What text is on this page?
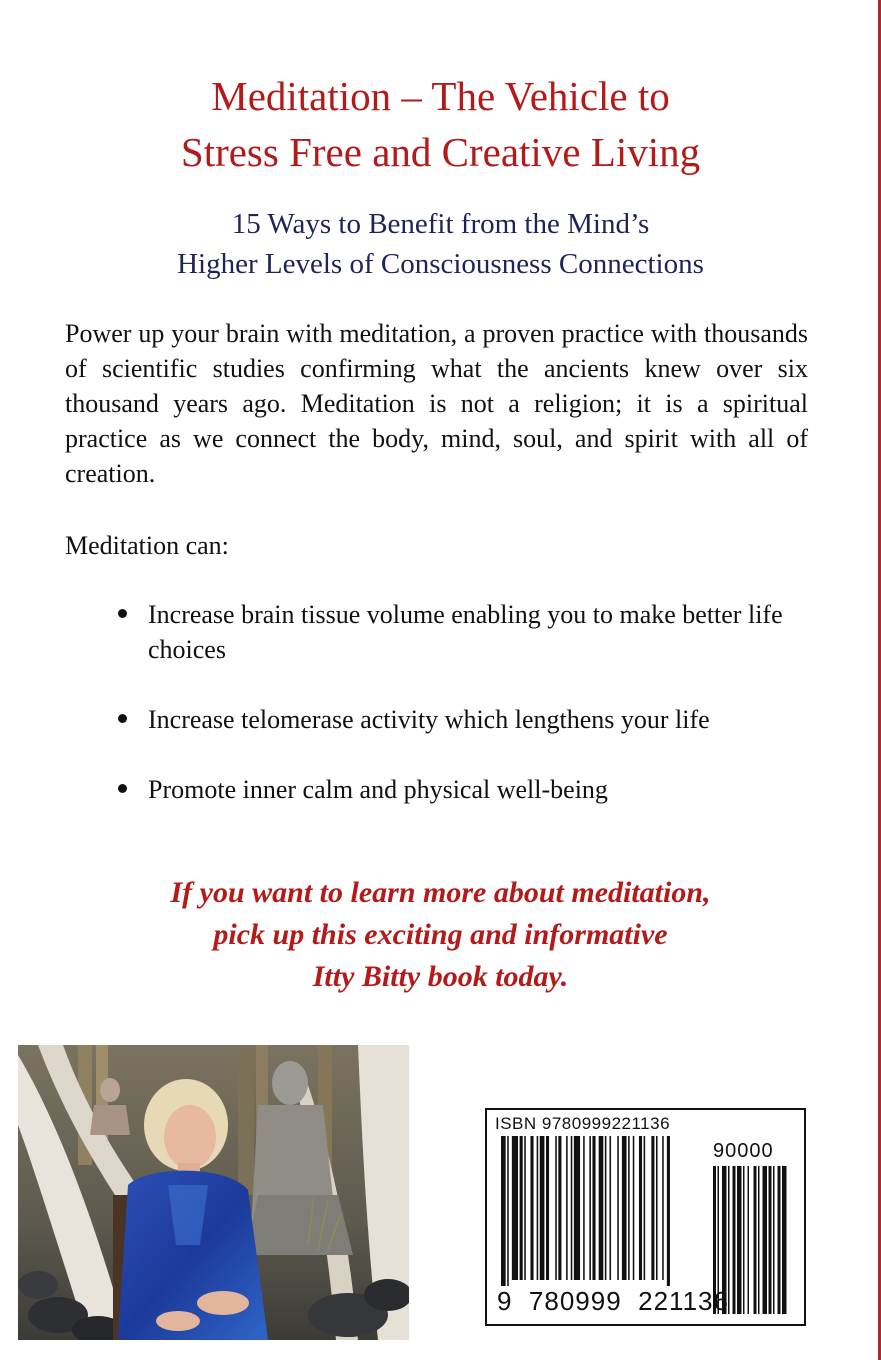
Meditation – The Vehicle to
Stress Free and Creative Living
15 Ways to Benefit from the Mind’s
Higher Levels of Consciousness Connections

Power up your brain with meditation, a proven practice with thousands of scientific studies confirming what the ancients knew over six thousand years ago. Meditation is not a religion; it is a spiritual practice as we connect the body, mind, soul, and spirit with all of creation.

Meditation can:

Increase brain tissue volume enabling you to make better life choices
Increase telomerase activity which lengthens your life
Promote inner calm and physical well-being

If you want to learn more about meditation,
pick up this exciting and informative
Itty Bitty book today.

ISBN 9780999221136
90000
9 780999 221136
